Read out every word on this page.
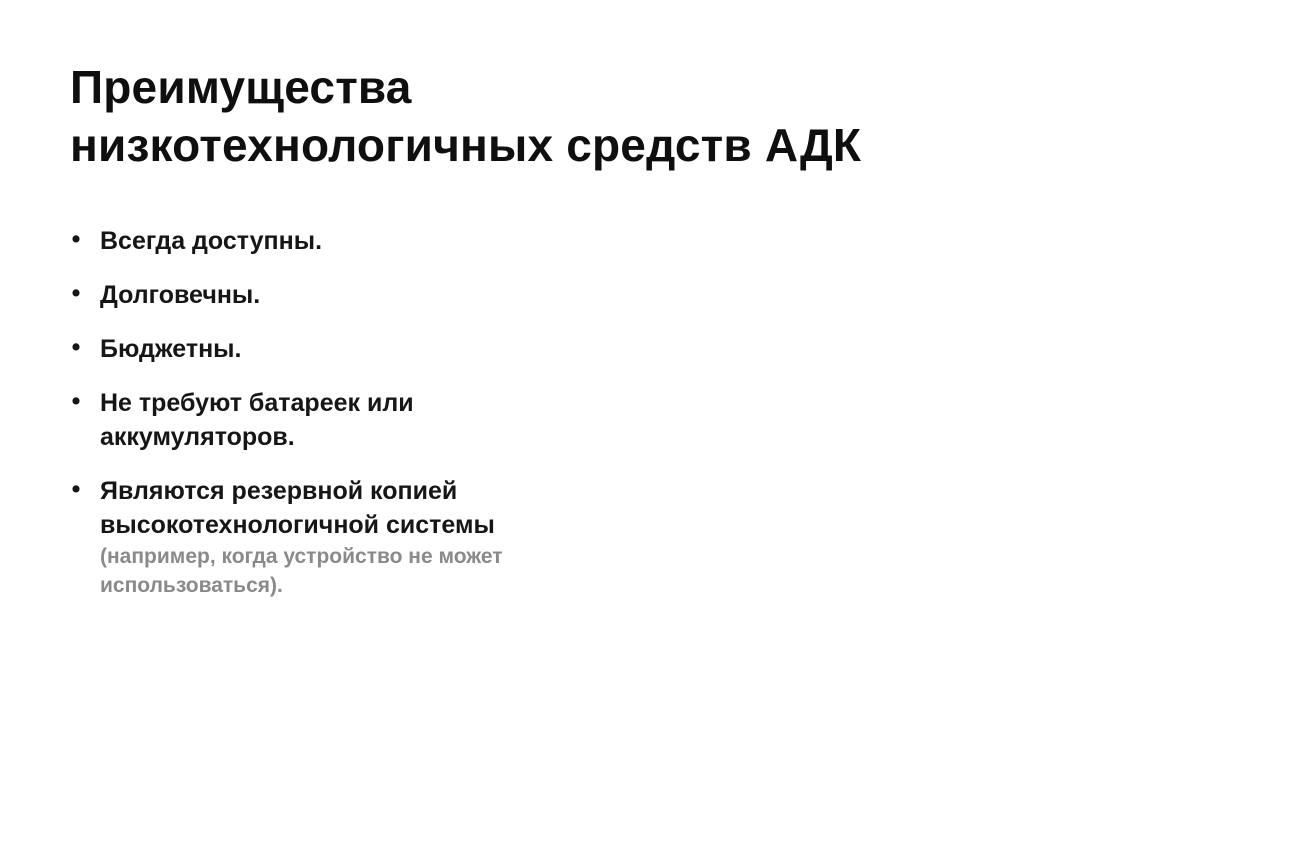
Преимущества
низкотехнологичных средств АДК
• Всегда доступны.
• Долговечны.
• Бюджетны.
• Не требуют батареек или
аккумуляторов.
• Являются резервной копией
высокотехнологичной системы
(например, когда устройство не может
использоваться).
